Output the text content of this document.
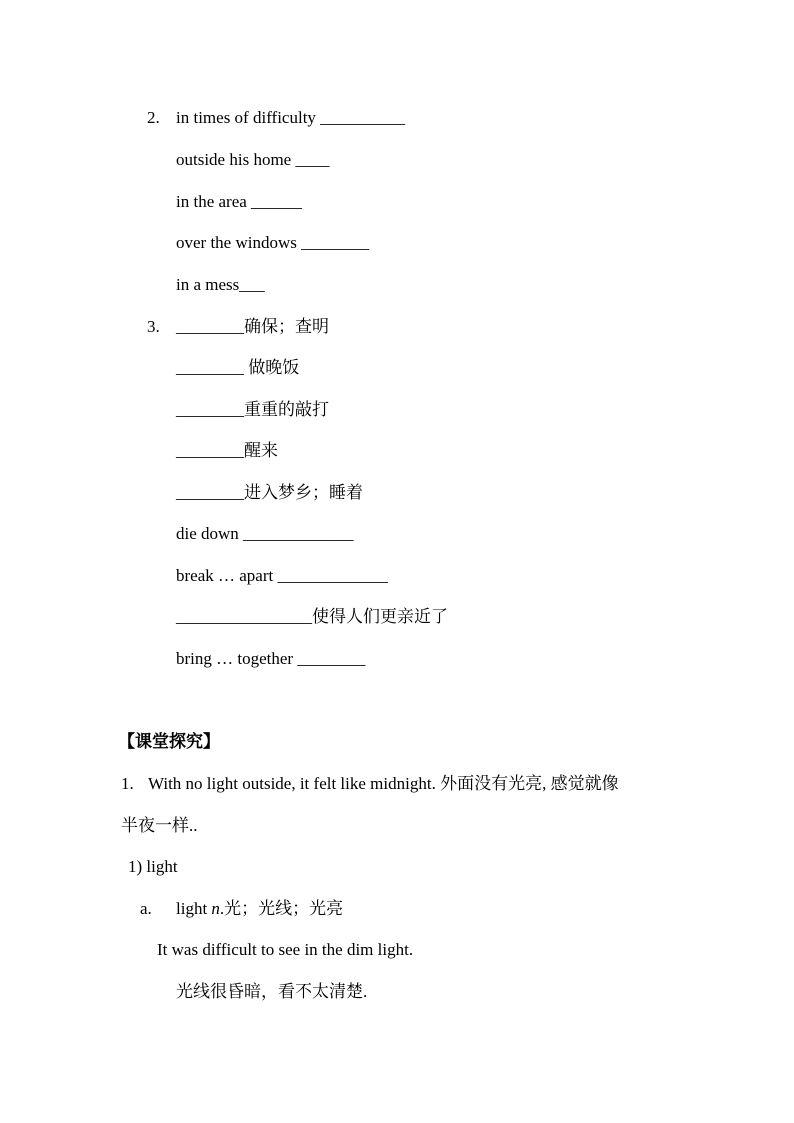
2. in times of difficulty __________
outside his home ____
in the area ______
over the windows ________
in a mess___
3. ________确保；查明
________ 做晚饭
________重重的敲打
________醒来
________进入梦乡；睡着
die down _____________
break … apart _____________
________________使得人们更亲近了
bring … together ________
【课堂探究】
1. With no light outside, it felt like midnight. 外面没有光亮, 感觉就像
半夜一样..
1) light
a. light n.光；光线；光亮
It was difficult to see in the dim light.
光线很昏暗，看不太清楚.
